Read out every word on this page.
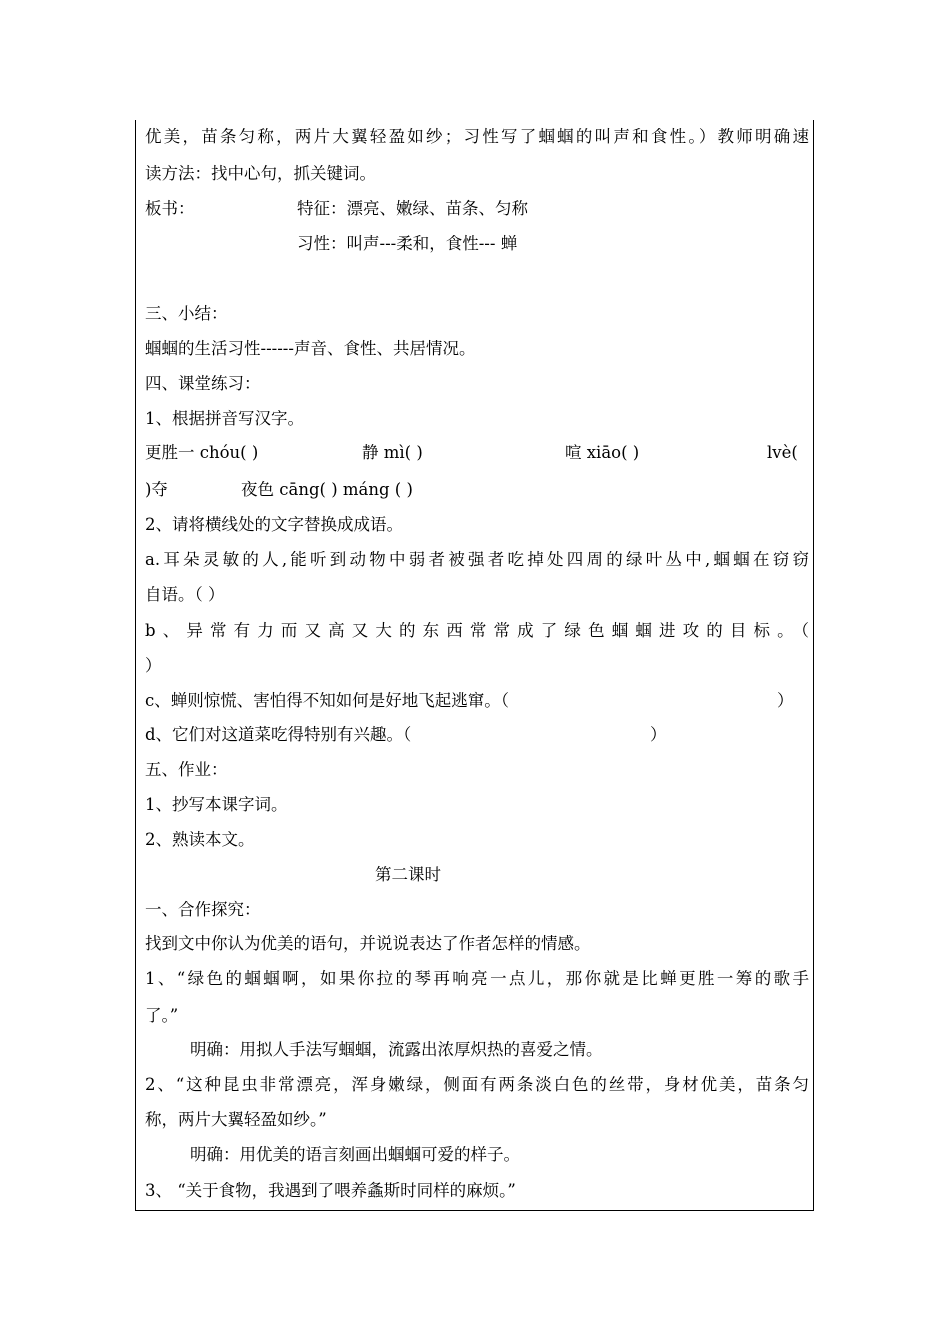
优美，苗条匀称，两片大翼轻盈如纱；习性写了蝈蝈的叫声和食性。）教师明确速
读方法：找中心句，抓关键词。
板书：	特征：漂亮、嫩绿、苗条、匀称
习性：叫声---柔和，食性--- 蝉
三、小结：
蝈蝈的生活习性------声音、食性、共居情况。
四、课堂练习：
1、根据拼音写汉字。
更胜一 chóu( )	静 mì( )	喧 xiāo( )	lvè(
)夺	夜色 cāng( ) máng ( )
2、请将横线处的文字替换成成语。
a.耳朵灵敏的人,能听到动物中弱者被强者吃掉处四周的绿叶丛中,蝈蝈在窃窃
自语。（ ）
b、异常有力而又高又大的东西常常成了绿色蝈蝈进攻的目标。（
）
c、蝉则惊慌、害怕得不知如何是好地飞起逃窜。（	）
d、它们对这道菜吃得特别有兴趣。（	）
五、作业：
1、抄写本课字词。
2、熟读本文。
第二课时
一、合作探究：
找到文中你认为优美的语句，并说说表达了作者怎样的情感。
1、“绿色的蝈蝈啊，如果你拉的琴再响亮一点儿，那你就是比蝉更胜一筹的歌手
了。”
明确：用拟人手法写蝈蝈，流露出浓厚炽热的喜爱之情。
2、“这种昆虫非常漂亮，浑身嫩绿，侧面有两条淡白色的丝带，身材优美，苗条匀
称，两片大翼轻盈如纱。”
明确：用优美的语言刻画出蝈蝈可爱的样子。
3、 “关于食物，我遇到了喂养螽斯时同样的麻烦。”
